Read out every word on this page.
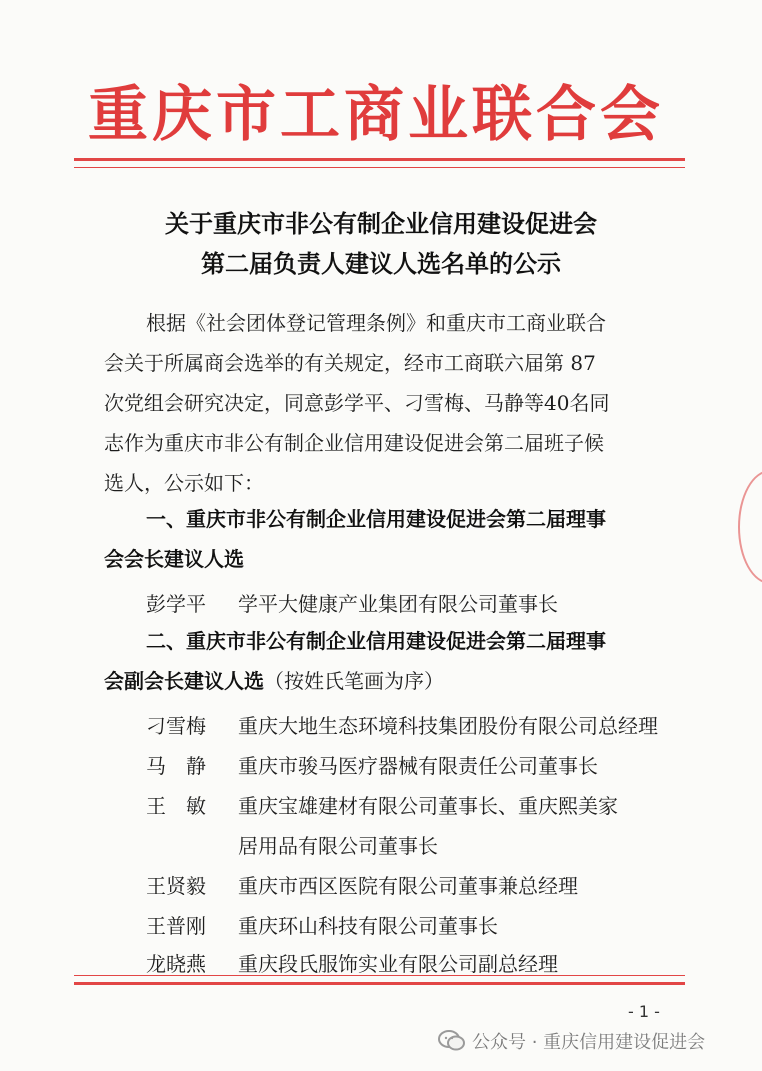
重庆市工商业联合会
关于重庆市非公有制企业信用建设促进会
第二届负责人建议人选名单的公示
根据《社会团体登记管理条例》和重庆市工商业联合
会关于所属商会选举的有关规定，经市工商联六届第 87
次党组会研究决定，同意彭学平、刁雪梅、马静等40名同
志作为重庆市非公有制企业信用建设促进会第二届班子候
选人，公示如下：
一、重庆市非公有制企业信用建设促进会第二届理事
会会长建议人选
彭学平 学平大健康产业集团有限公司董事长
二、重庆市非公有制企业信用建设促进会第二届理事
会副会长建议人选（按姓氏笔画为序）
刁雪梅 重庆大地生态环境科技集团股份有限公司总经理
马　静 重庆市骏马医疗器械有限责任公司董事长
王　敏 重庆宝雄建材有限公司董事长、重庆熙美家
居用品有限公司董事长
王贤毅 重庆市西区医院有限公司董事兼总经理
- 1 -
公众号 · 重庆信用建设促进会
王普刚 重庆环山科技有限公司董事长
龙晓燕 重庆段氏服饰实业有限公司副总经理
